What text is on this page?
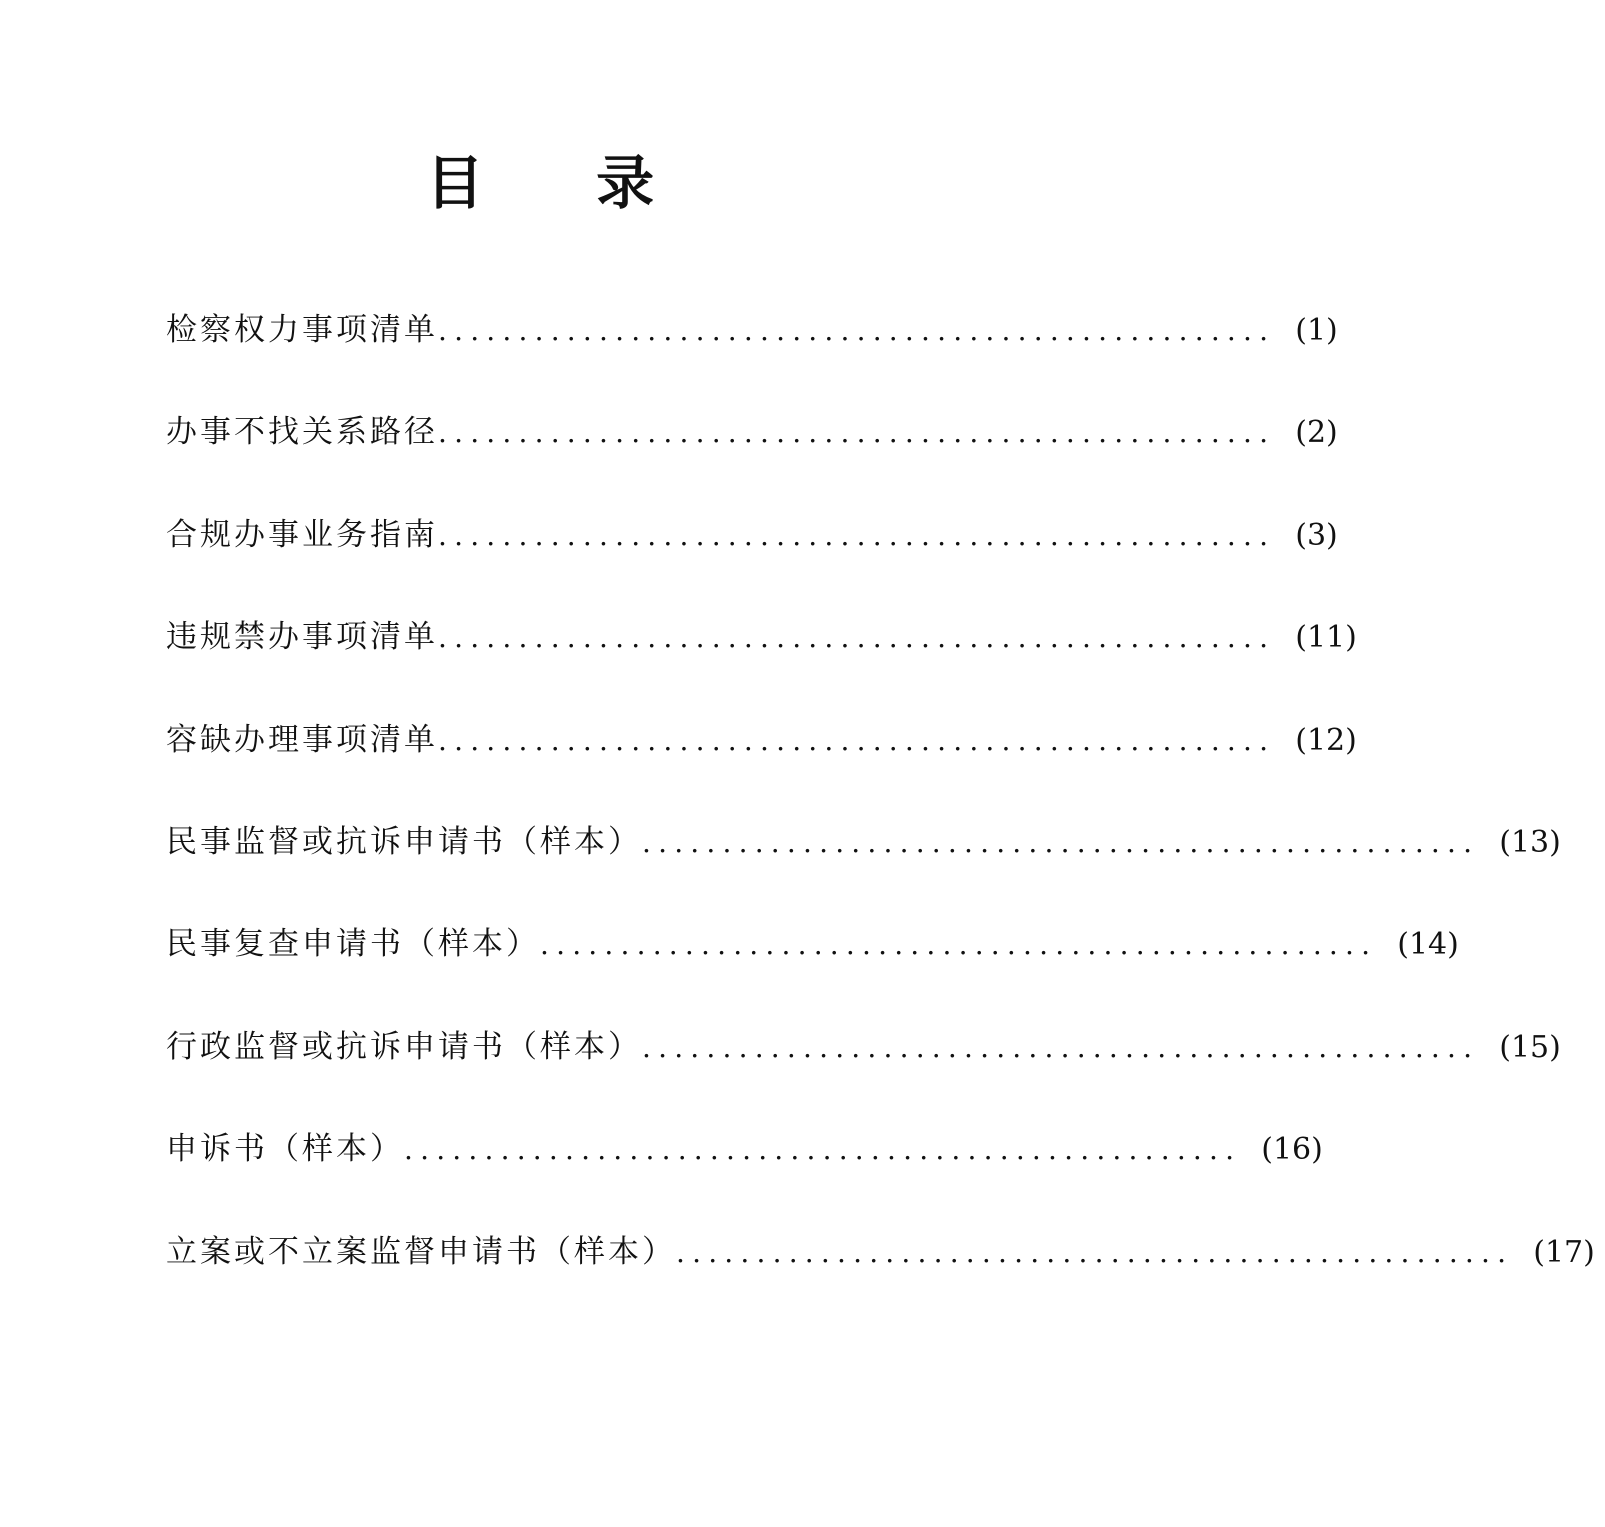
目 录
检察权力事项清单 .................................................... (1)
办事不找关系路径 .................................................... (2)
合规办事业务指南 .................................................... (3)
违规禁办事项清单 .................................................... (11)
容缺办理事项清单 .................................................... (12)
民事监督或抗诉申请书（样本） .................................................... (13)
民事复查申请书（样本） .................................................... (14)
行政监督或抗诉申请书（样本） .................................................... (15)
申诉书（样本） .................................................... (16)
立案或不立案监督申请书（样本） .................................................... (17)
